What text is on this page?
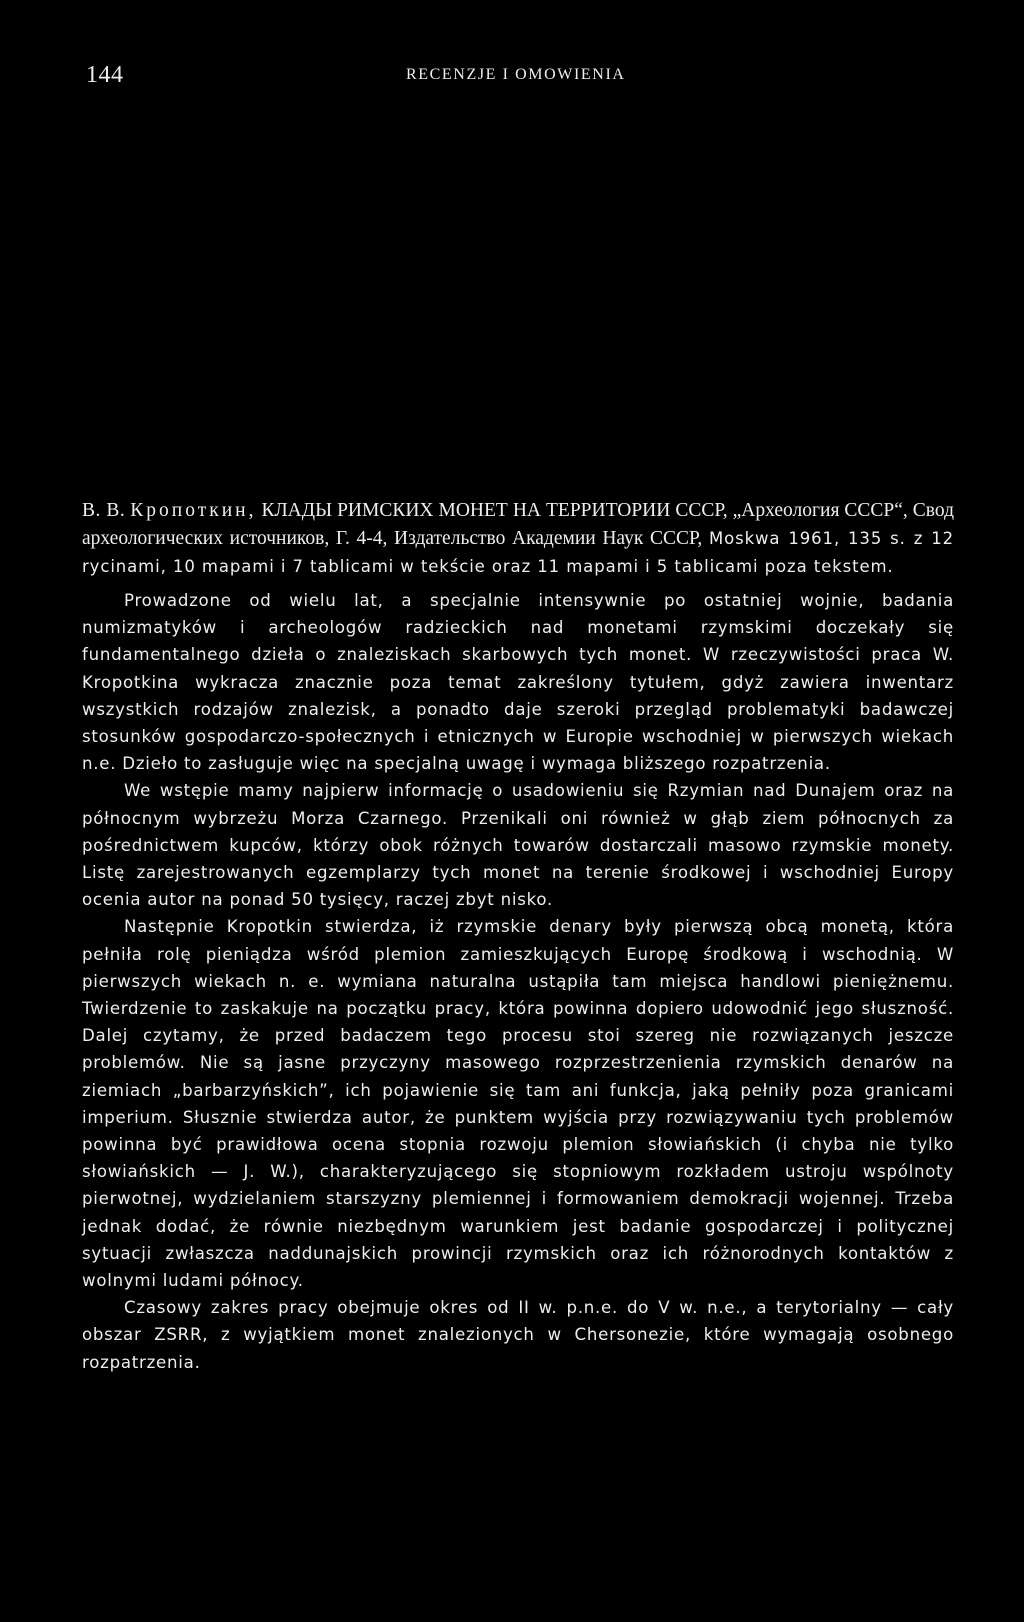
144	RECENZJE I OMOWIENIA

В. В. Кропоткин, КЛАДЫ РИМСКИХ МОНЕТ НА ТЕРРИТОРИИ СССР, „Археология СССР“, Свод археологических источников, Г. 4-4, Издательство Академии Наук СССР, Moskwa 1961, 135 s. z 12 rycinami, 10 mapami i 7 tablicami w tekście oraz 11 mapami i 5 tablicami poza tekstem.

Prowadzone od wielu lat, a specjalnie intensywnie po ostatniej wojnie, badania numizmatyków i archeologów radzieckich nad monetami rzymskimi doczekały się fundamentalnego dzieła o znaleziskach skarbowych tych monet. W rzeczywistości praca W. Kropotkina wykracza znacznie poza temat zakreślony tytułem, gdyż zawiera inwentarz wszystkich rodzajów znalezisk, a ponadto daje szeroki przegląd problematyki badawczej stosunków gospodarczo-społecznych i etnicznych w Europie wschodniej w pierwszych wiekach n.e. Dzieło to zasługuje więc na specjalną uwagę i wymaga bliższego rozpatrzenia.

We wstępie mamy najpierw informację o usadowieniu się Rzymian nad Dunajem oraz na północnym wybrzeżu Morza Czarnego. Przenikali oni również w głąb ziem północnych za pośrednictwem kupców, którzy obok różnych towarów dostarczali masowo rzymskie monety. Listę zarejestrowanych egzemplarzy tych monet na terenie środkowej i wschodniej Europy ocenia autor na ponad 50 tysięcy, raczej zbyt nisko.

Następnie Kropotkin stwierdza, iż rzymskie denary były pierwszą obcą monetą, która pełniła rolę pieniądza wśród plemion zamieszkujących Europę środkową i wschodnią. W pierwszych wiekach n. e. wymiana naturalna ustąpiła tam miejsca handlowi pieniężnemu. Twierdzenie to zaskakuje na początku pracy, która powinna dopiero udowodnić jego słuszność. Dalej czytamy, że przed badaczem tego procesu stoi szereg nie rozwiązanych jeszcze problemów. Nie są jasne przyczyny masowego rozprzestrzenienia rzymskich denarów na ziemiach „barbarzyńskich”, ich pojawienie się tam ani funkcja, jaką pełniły poza granicami imperium. Słusznie stwierdza autor, że punktem wyjścia przy rozwiązywaniu tych problemów powinna być prawidłowa ocena stopnia rozwoju plemion słowiańskich (i chyba nie tylko słowiańskich — J. W.), charakteryzującego się stopniowym rozkładem ustroju wspólnoty pierwotnej, wydzielaniem starszyzny plemiennej i formowaniem demokracji wojennej. Trzeba jednak dodać, że równie niezbędnym warunkiem jest badanie gospodarczej i politycznej sytuacji zwłaszcza naddunajskich prowincji rzymskich oraz ich różnorodnych kontaktów z wolnymi ludami północy.

Czasowy zakres pracy obejmuje okres od II w. p.n.e. do V w. n.e., a terytorialny — cały obszar ZSRR, z wyjątkiem monet znalezionych w Chersonezie, które wymagają osobnego rozpatrzenia.
